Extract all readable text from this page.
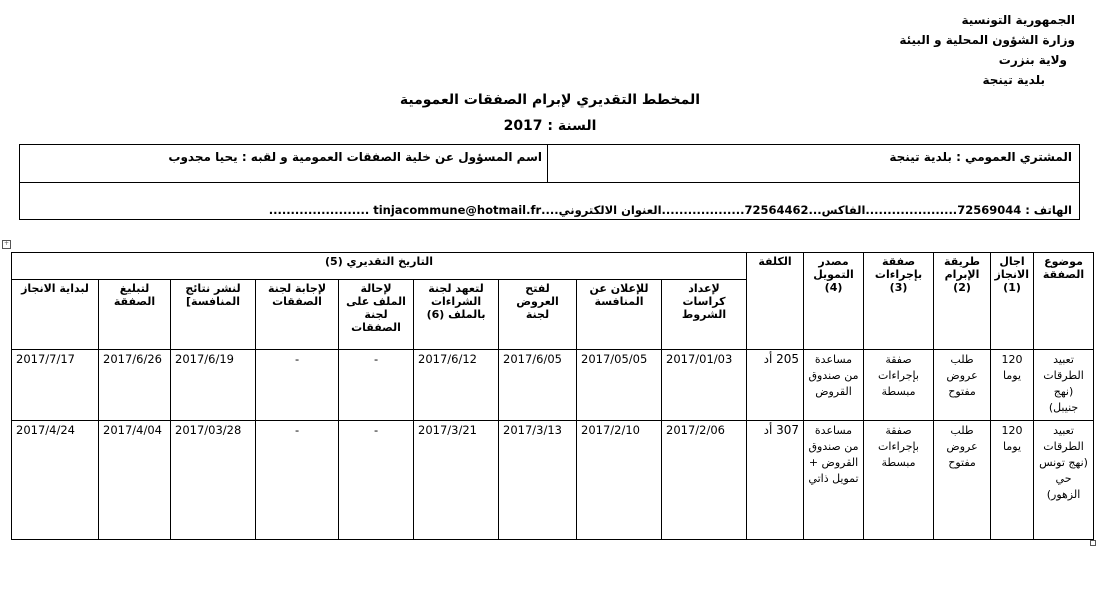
الجمهورية التونسية
وزارة الشؤون المحلية و البيئة
ولاية بنزرت
بلدية تينجة
المخطط التقديري لإبرام الصفقات العمومية
السنة : 2017
المشتري العمومي : بلدية تينجة
اسم المسؤول عن خلية الصفقات العمومية و لقبه : يحيا مجدوب
الهاتف : 72569044.....................الفاكس...72564462...................العنوان الالكتروني....tinjacommune@hotmail.fr .......................
+
موضوع الصفقة	اجال الانجاز (1)	طريقة الإبرام (2)	صفقة بإجراءات (3)	مصدر التمويل (4)	الكلفة	التاريخ التقديري (5)								
						لإعداد كراسات الشروط	للإعلان عن المنافسة	لفتح العروض لجنة	لتعهد لجنة الشراءات بالملف (6)	لإحالة الملف على لجنة الصفقات	لإجابة لجنة الصفقات	لنشر نتائج المنافسة]	لتبليغ الصفقة	لبداية الانجاز
تعبيد الطرقات (نهج جنيبل)	120 يوما	طلب عروض مفتوح	صفقة بإجراءات مبسطة	مساعدة من صندوق القروض	205 أد	2017/01/03	2017/05/05	2017/6/05	2017/6/12	-	-	2017/6/19	2017/6/26	2017/7/17
تعبيد الطرقات (نهج تونس حي الزهور)	120 يوما	طلب عروض مفتوح	صفقة بإجراءات مبسطة	مساعدة من صندوق القروض + تمويل ذاتي	307 أد	2017/2/06	2017/2/10	2017/3/13	2017/3/21	-	-	2017/03/28	2017/4/04	2017/4/24
